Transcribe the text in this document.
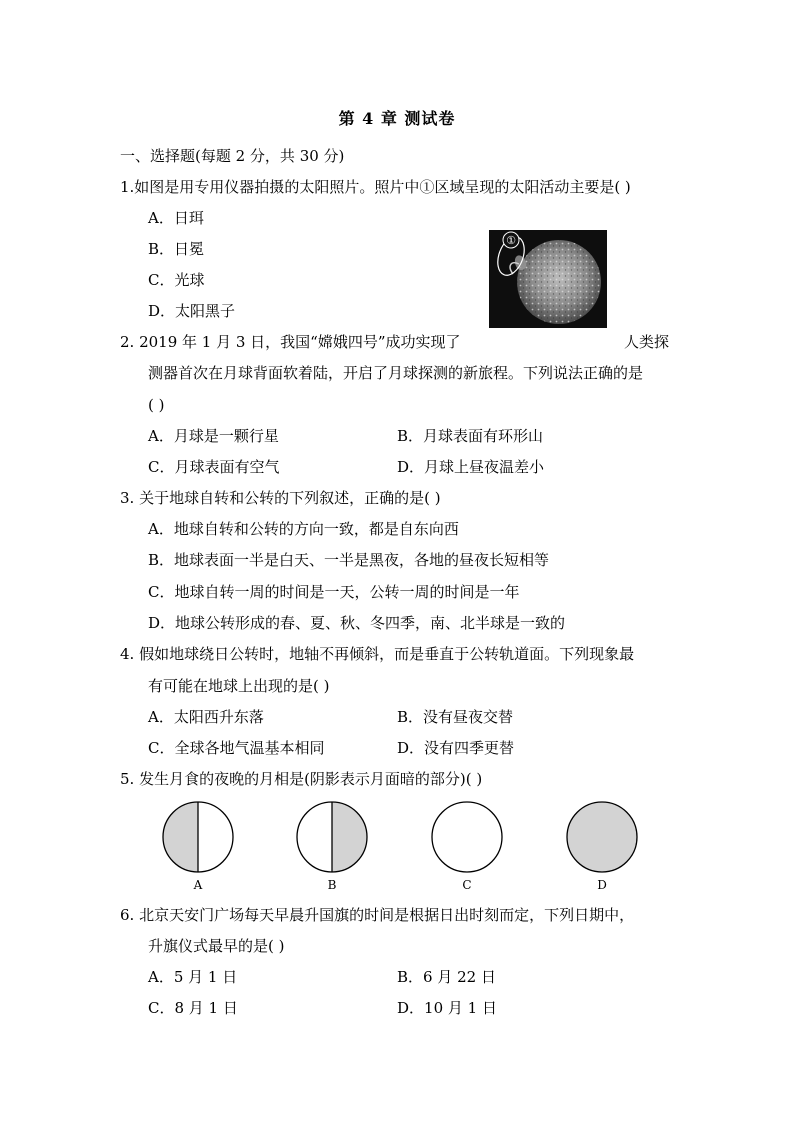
第 4 章 测试卷
一、选择题(每题 2 分，共 30 分)
1.如图是用专用仪器拍摄的太阳照片。照片中①区域呈现的太阳活动主要是( )
A．日珥
B．日冕
C．光球
D．太阳黑子
①
2. 2019 年 1 月 3 日，我国“嫦娥四号”成功实现了	人类探
测器首次在月球背面软着陆，开启了月球探测的新旅程。下列说法正确的是
( )
A．月球是一颗行星	B．月球表面有环形山
C．月球表面有空气	D．月球上昼夜温差小
3. 关于地球自转和公转的下列叙述，正确的是( )
A．地球自转和公转的方向一致，都是自东向西
B．地球表面一半是白天、一半是黑夜，各地的昼夜长短相等
C．地球自转一周的时间是一天，公转一周的时间是一年
D．地球公转形成的春、夏、秋、冬四季，南、北半球是一致的
4. 假如地球绕日公转时，地轴不再倾斜，而是垂直于公转轨道面。下列现象最
有可能在地球上出现的是( )
A．太阳西升东落	B．没有昼夜交替
C．全球各地气温基本相同	D．没有四季更替
5. 发生月食的夜晚的月相是(阴影表示月面暗的部分)( )
A	B	C	D
6. 北京天安门广场每天早晨升国旗的时间是根据日出时刻而定，下列日期中，
升旗仪式最早的是( )
A．5 月 1 日	B．6 月 22 日
C．8 月 1 日	D．10 月 1 日
